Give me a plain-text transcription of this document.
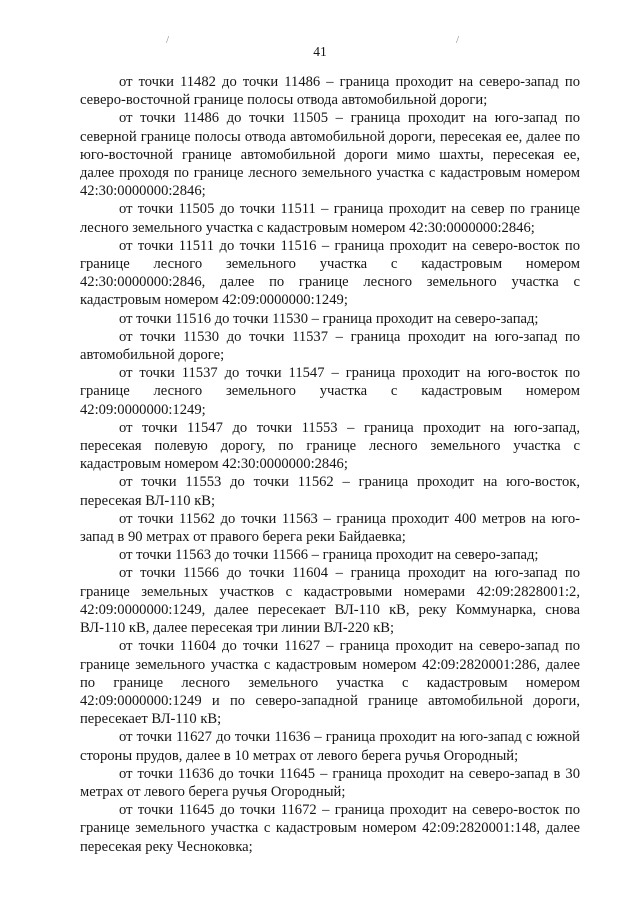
/	/
41

от точки 11482 до точки 11486 – граница проходит на северо-запад по северо-восточной границе полосы отвода автомобильной дороги;

от точки 11486 до точки 11505 – граница проходит на юго-запад по северной границе полосы отвода автомобильной дороги, пересекая ее, далее по юго-восточной границе автомобильной дороги мимо шахты, пересекая ее, далее проходя по границе лесного земельного участка с кадастровым номером 42:30:0000000:2846;

от точки 11505 до точки 11511 – граница проходит на север по границе лесного земельного участка с кадастровым номером 42:30:0000000:2846;

от точки 11511 до точки 11516 – граница проходит на северо-восток по границе лесного земельного участка с кадастровым номером 42:30:0000000:2846, далее по границе лесного земельного участка с кадастровым номером 42:09:0000000:1249;

от точки 11516 до точки 11530 – граница проходит на северо-запад;

от точки 11530 до точки 11537 – граница проходит на юго-запад по автомобильной дороге;

от точки 11537 до точки 11547 – граница проходит на юго-восток по границе лесного земельного участка с кадастровым номером 42:09:0000000:1249;

от точки 11547 до точки 11553 – граница проходит на юго-запад, пересекая полевую дорогу, по границе лесного земельного участка с кадастровым номером 42:30:0000000:2846;

от точки 11553 до точки 11562 – граница проходит на юго-восток, пересекая ВЛ-110 кВ;

от точки 11562 до точки 11563 – граница проходит 400 метров на юго-запад в 90 метрах от правого берега реки Байдаевка;

от точки 11563 до точки 11566 – граница проходит на северо-запад;

от точки 11566 до точки 11604 – граница проходит на юго-запад по границе земельных участков с кадастровыми номерами 42:09:2828001:2, 42:09:0000000:1249, далее пересекает ВЛ-110 кВ, реку Коммунарка, снова ВЛ-110 кВ, далее пересекая три линии ВЛ-220 кВ;

от точки 11604 до точки 11627 – граница проходит на северо-запад по границе земельного участка с кадастровым номером 42:09:2820001:286, далее по границе лесного земельного участка с кадастровым номером 42:09:0000000:1249 и по северо-западной границе автомобильной дороги, пересекает ВЛ-110 кВ;

от точки 11627 до точки 11636 – граница проходит на юго-запад с южной стороны прудов, далее в 10 метрах от левого берега ручья Огородный;

от точки 11636 до точки 11645 – граница проходит на северо-запад в 30 метрах от левого берега ручья Огородный;

от точки 11645 до точки 11672 – граница проходит на северо-восток по границе земельного участка с кадастровым номером 42:09:2820001:148, далее пересекая реку Чесноковка;
